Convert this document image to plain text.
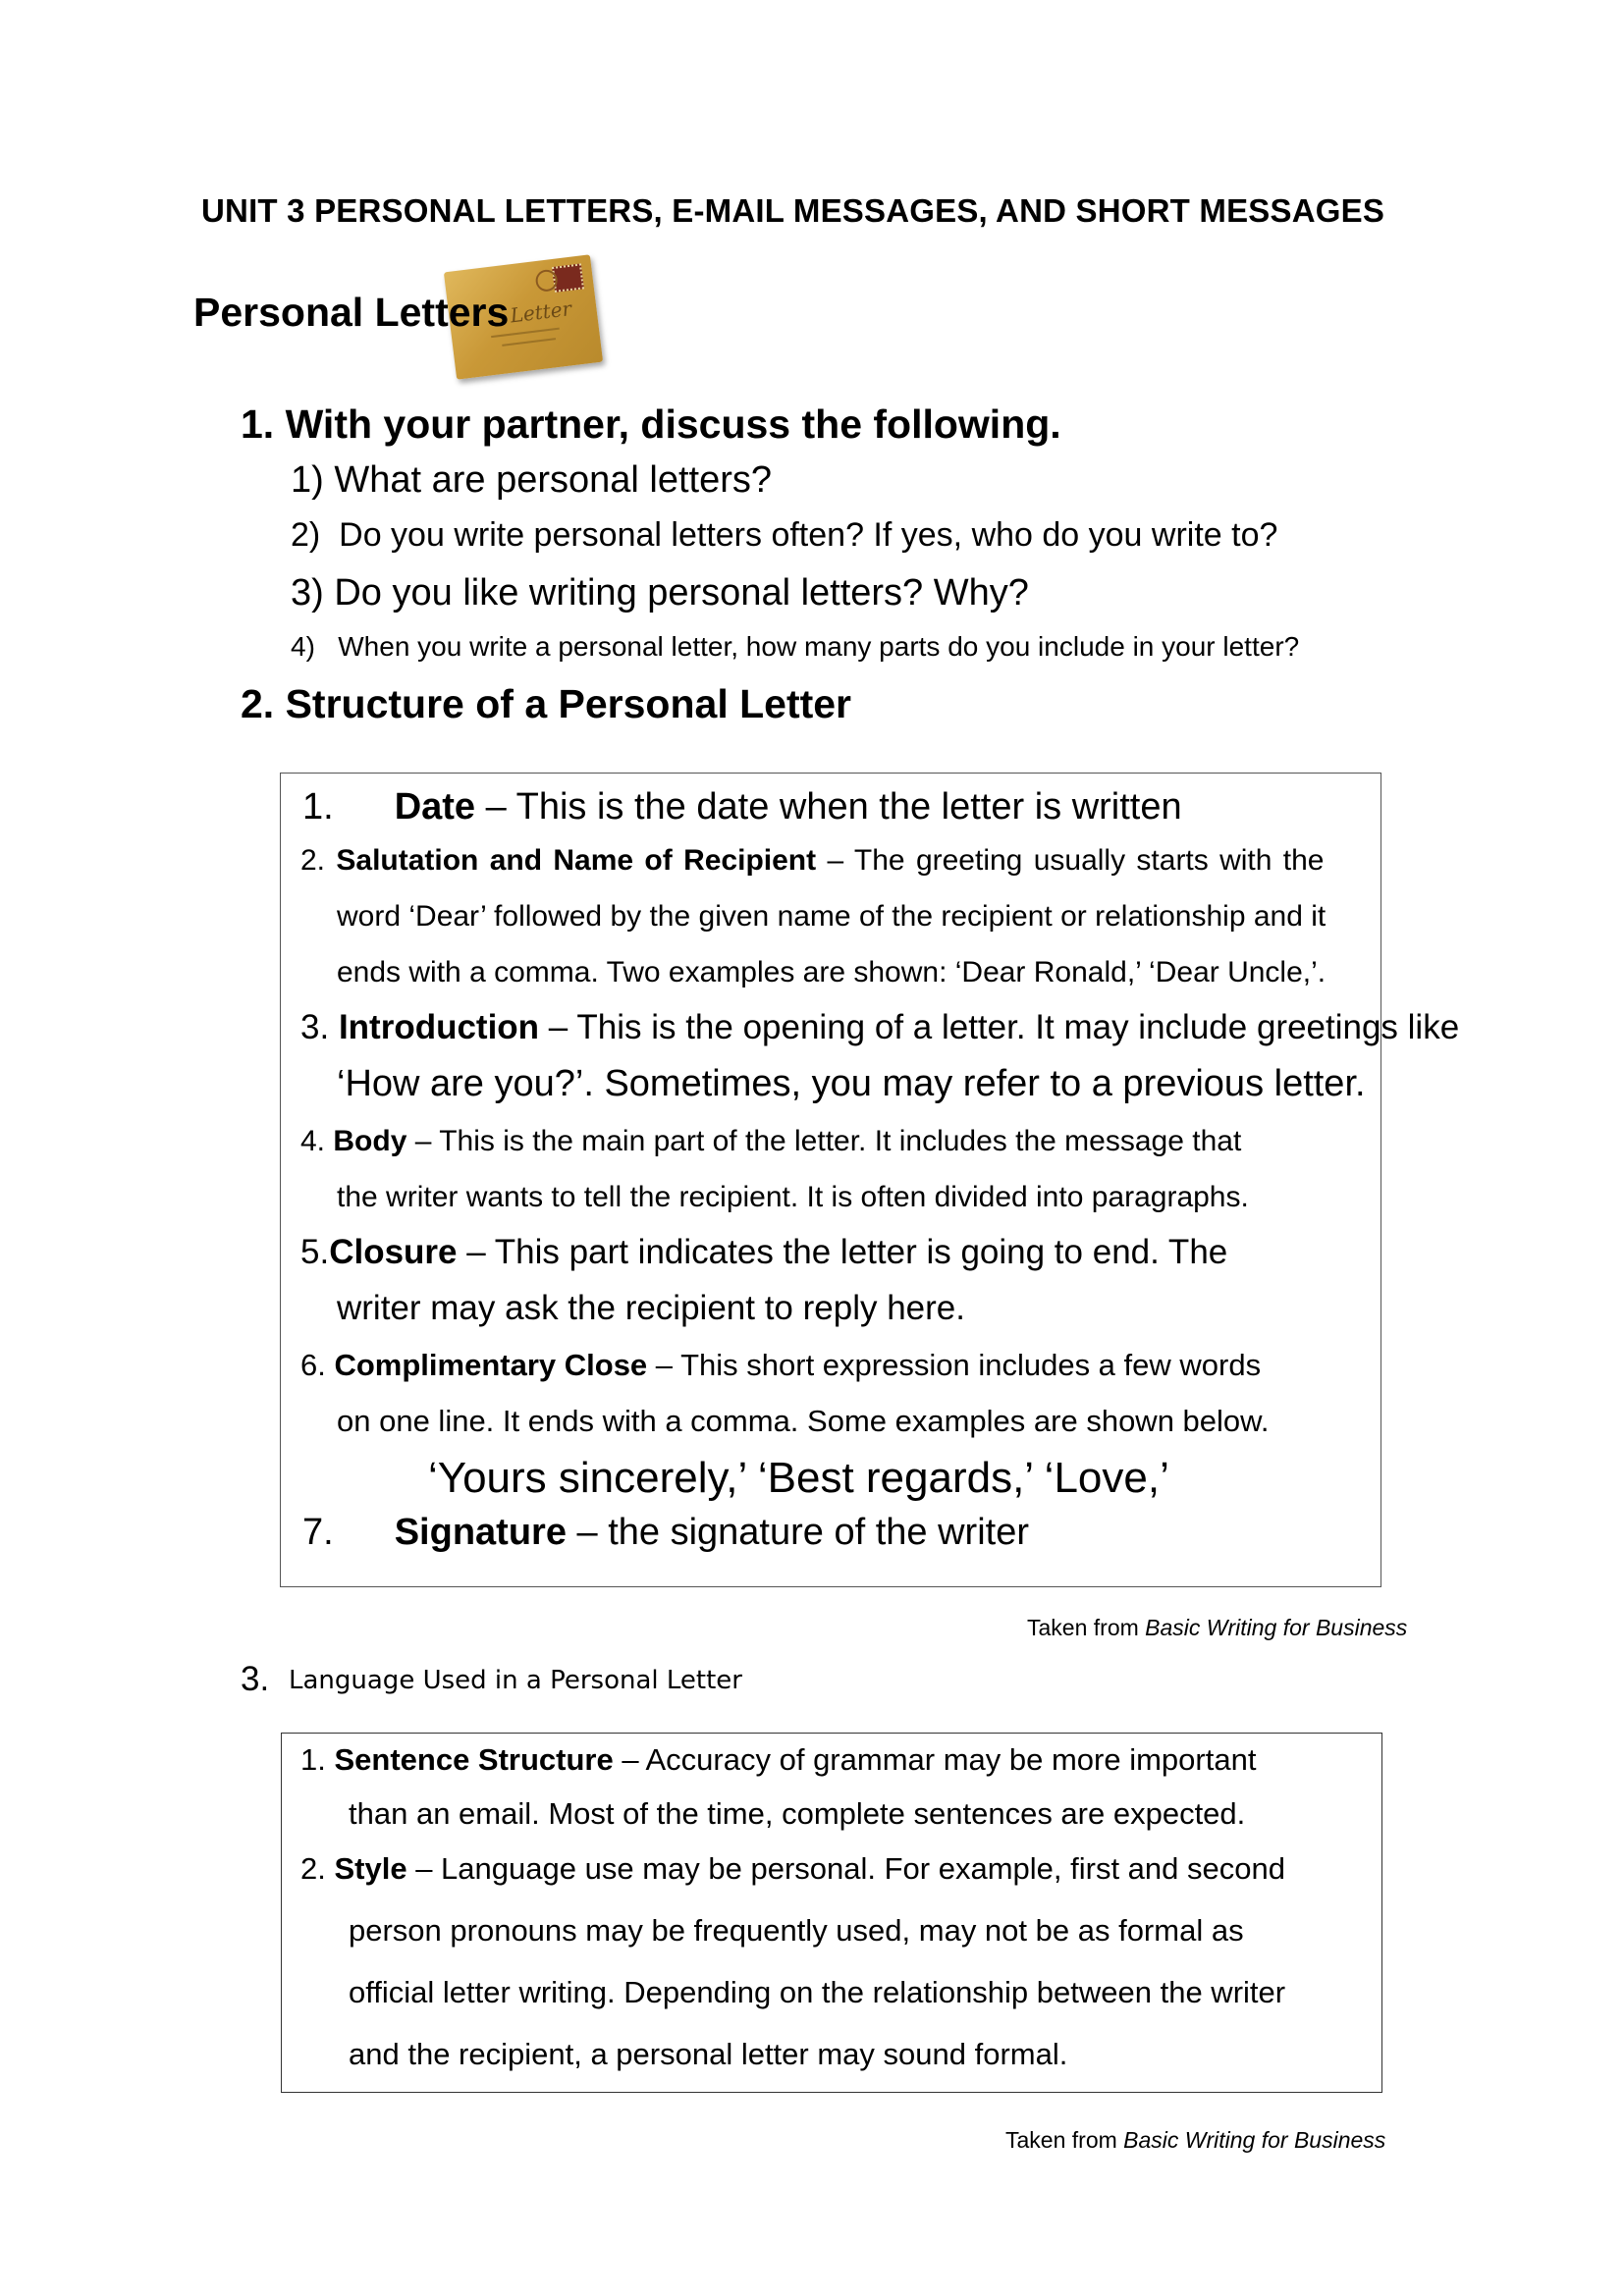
UNIT 3 PERSONAL LETTERS, E-MAIL MESSAGES, AND SHORT MESSAGES
Letter
Personal Letters
1. With your partner, discuss the following.
1) What are personal letters?
2) Do you write personal letters often? If yes, who do you write to?
3) Do you like writing personal letters? Why?
4) When you write a personal letter, how many parts do you include in your letter?
2. Structure of a Personal Letter
1. Date – This is the date when the letter is written
2. Salutation and Name of Recipient – The greeting usually starts with the
word ‘Dear’ followed by the given name of the recipient or relationship and it
ends with a comma. Two examples are shown: ‘Dear Ronald,’ ‘Dear Uncle,’.
3. Introduction – This is the opening of a letter. It may include greetings like
‘How are you?’. Sometimes, you may refer to a previous letter.
4. Body – This is the main part of the letter. It includes the message that
the writer wants to tell the recipient. It is often divided into paragraphs.
5.Closure – This part indicates the letter is going to end. The
writer may ask the recipient to reply here.
6. Complimentary Close – This short expression includes a few words
on one line. It ends with a comma. Some examples are shown below.
‘Yours sincerely,’ ‘Best regards,’ ‘Love,’
7. Signature – the signature of the writer
Taken from Basic Writing for Business
3. Language Used in a Personal Letter
1. Sentence Structure – Accuracy of grammar may be more important
than an email. Most of the time, complete sentences are expected.
2. Style – Language use may be personal. For example, first and second
person pronouns may be frequently used, may not be as formal as
official letter writing. Depending on the relationship between the writer
and the recipient, a personal letter may sound formal.
Taken from Basic Writing for Business
